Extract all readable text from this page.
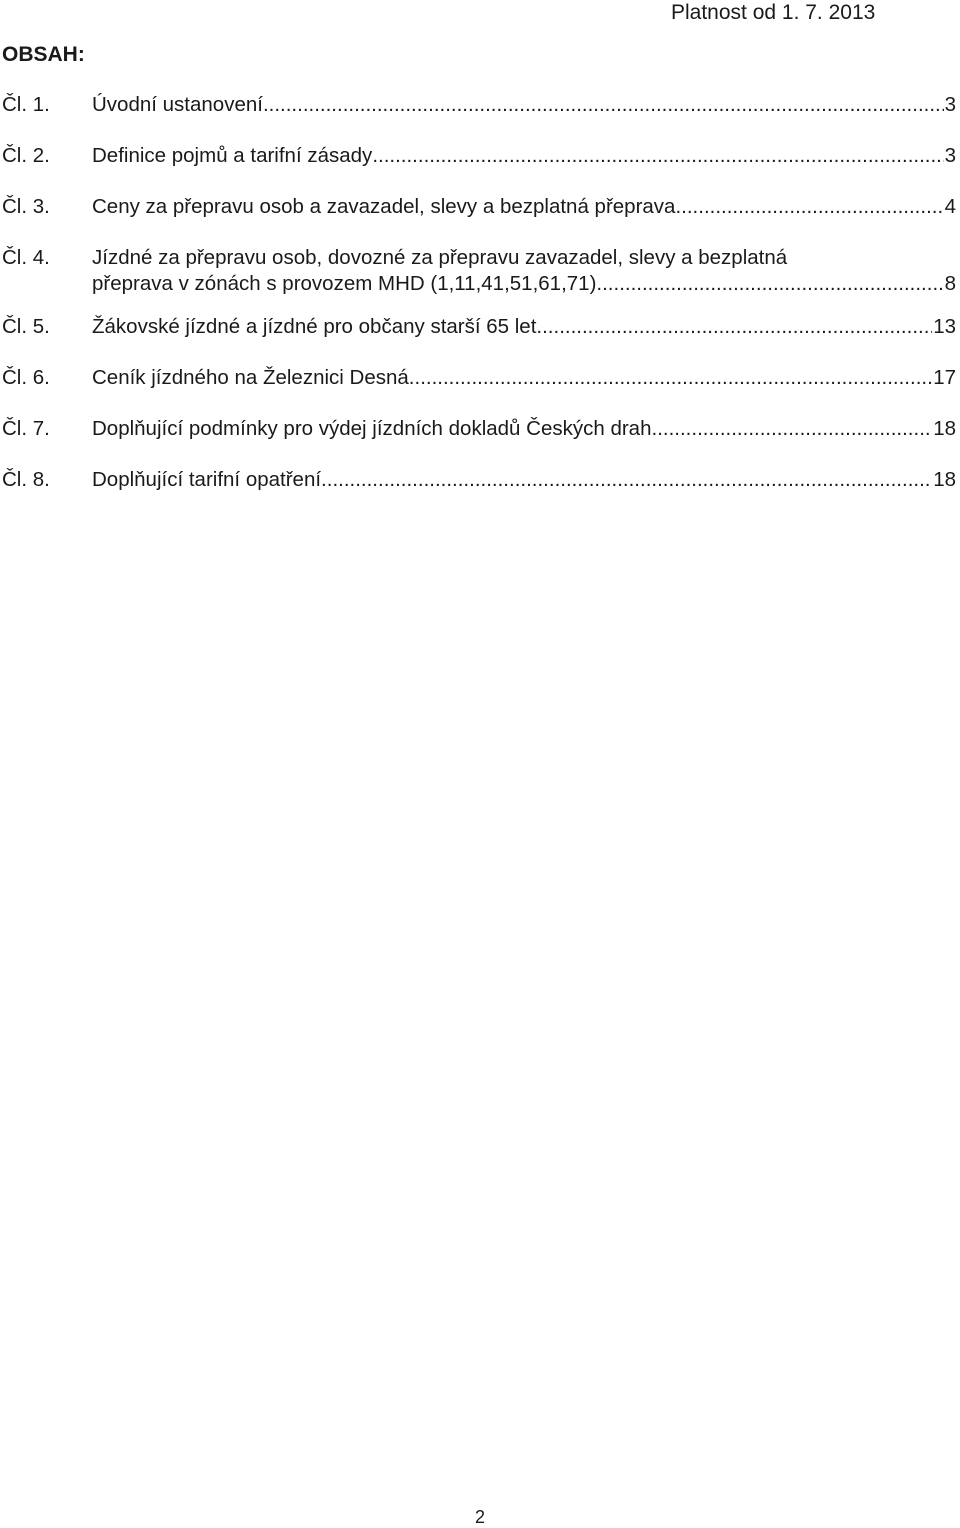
Platnost od 1. 7. 2013
OBSAH:
Čl. 1.	Úvodní ustanovení .....	3
Čl. 2.	Definice pojmů a tarifní zásady .....	3
Čl. 3.	Ceny za přepravu osob a zavazadel, slevy a bezplatná přeprava .....	4
Čl. 4.	Jízdné za přepravu osob, dovozné za přepravu zavazadel, slevy a bezplatná
přeprava v zónách s provozem MHD (1,11,41,51,61,71) .....	8
Čl. 5.	Žákovské jízdné a jízdné pro občany starší 65 let .....	13
Čl. 6.	Ceník jízdného na Železnici Desná .....	17
Čl. 7.	Doplňující podmínky pro výdej jízdních dokladů Českých drah .....	18
Čl. 8.	Doplňující tarifní opatření .....	18
2
